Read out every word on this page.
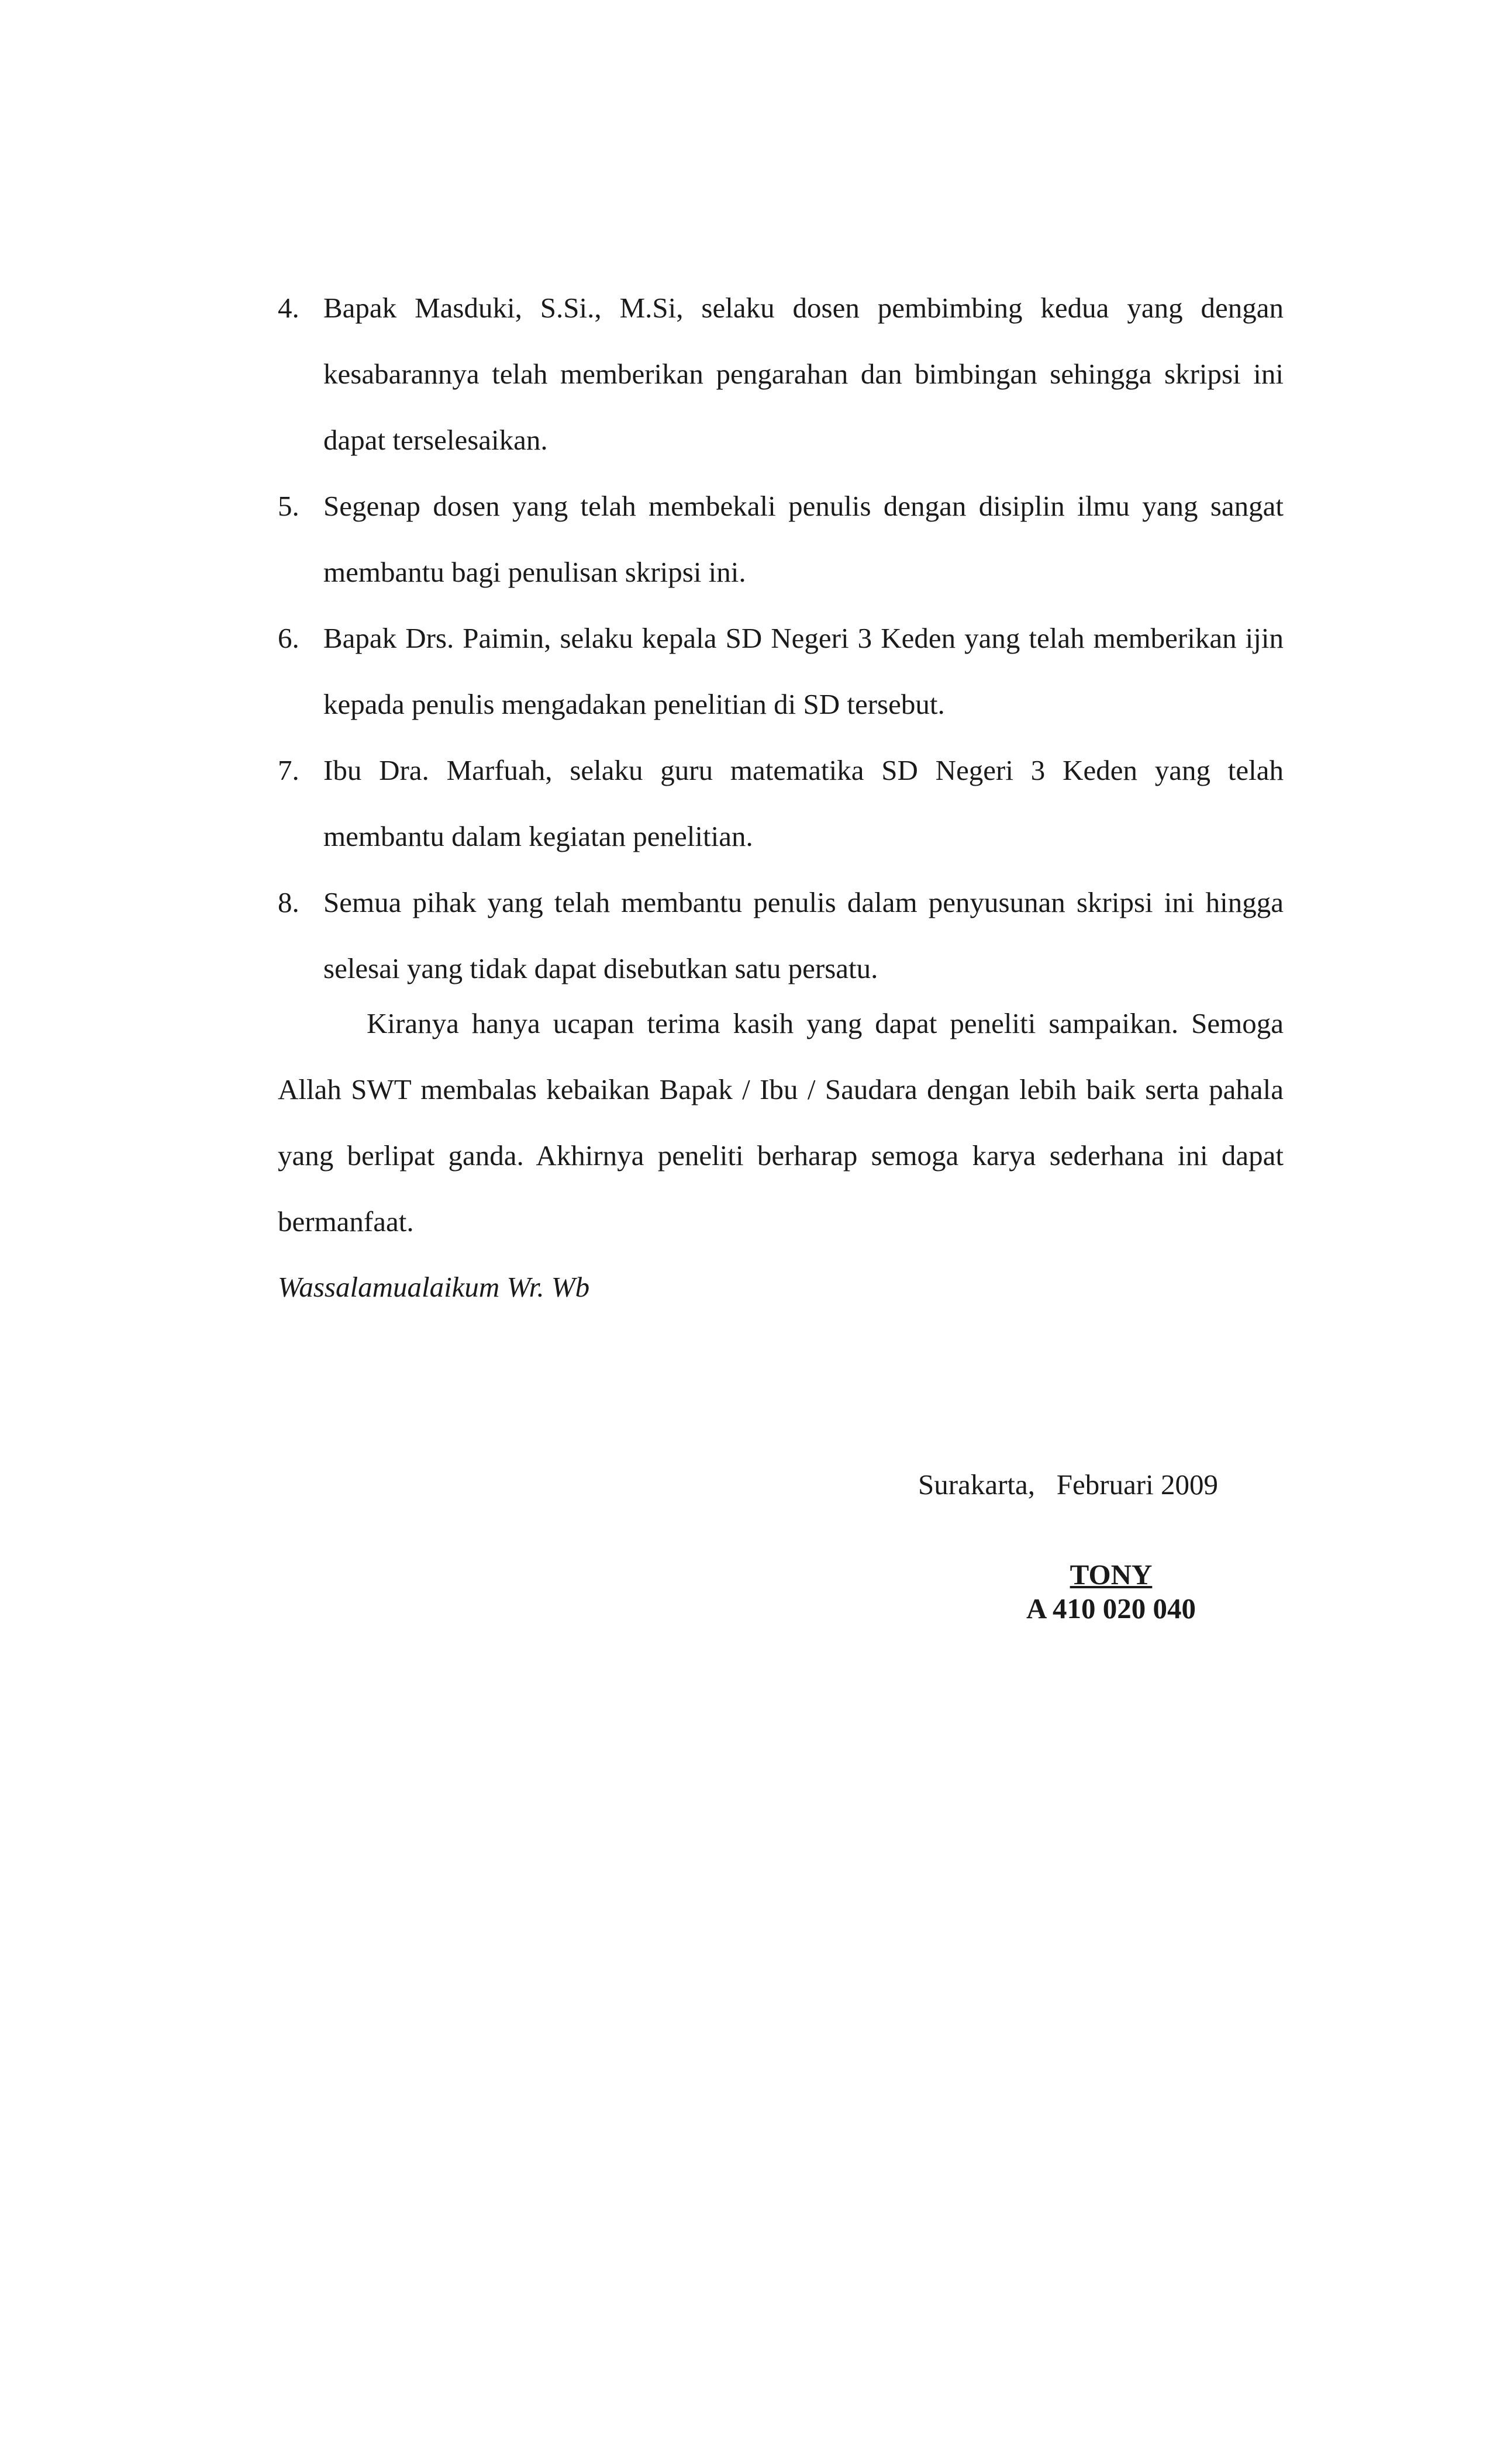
4. Bapak Masduki, S.Si., M.Si, selaku dosen pembimbing kedua yang dengan kesabarannya telah memberikan pengarahan dan bimbingan sehingga skripsi ini dapat terselesaikan.
5. Segenap dosen yang telah membekali penulis dengan disiplin ilmu yang sangat membantu bagi penulisan skripsi ini.
6. Bapak Drs. Paimin, selaku kepala SD Negeri 3 Keden yang telah memberikan ijin kepada penulis mengadakan penelitian di SD tersebut.
7. Ibu Dra. Marfuah, selaku guru matematika SD Negeri 3 Keden yang telah membantu dalam kegiatan penelitian.
8. Semua pihak yang telah membantu penulis dalam penyusunan skripsi ini hingga selesai yang tidak dapat disebutkan satu persatu.

Kiranya hanya ucapan terima kasih yang dapat peneliti sampaikan. Semoga Allah SWT membalas kebaikan Bapak / Ibu / Saudara dengan lebih baik serta pahala yang berlipat ganda. Akhirnya peneliti berharap semoga karya sederhana ini dapat bermanfaat.

Wassalamualaikum Wr. Wb

Surakarta,   Februari 2009

TONY
A 410 020 040
